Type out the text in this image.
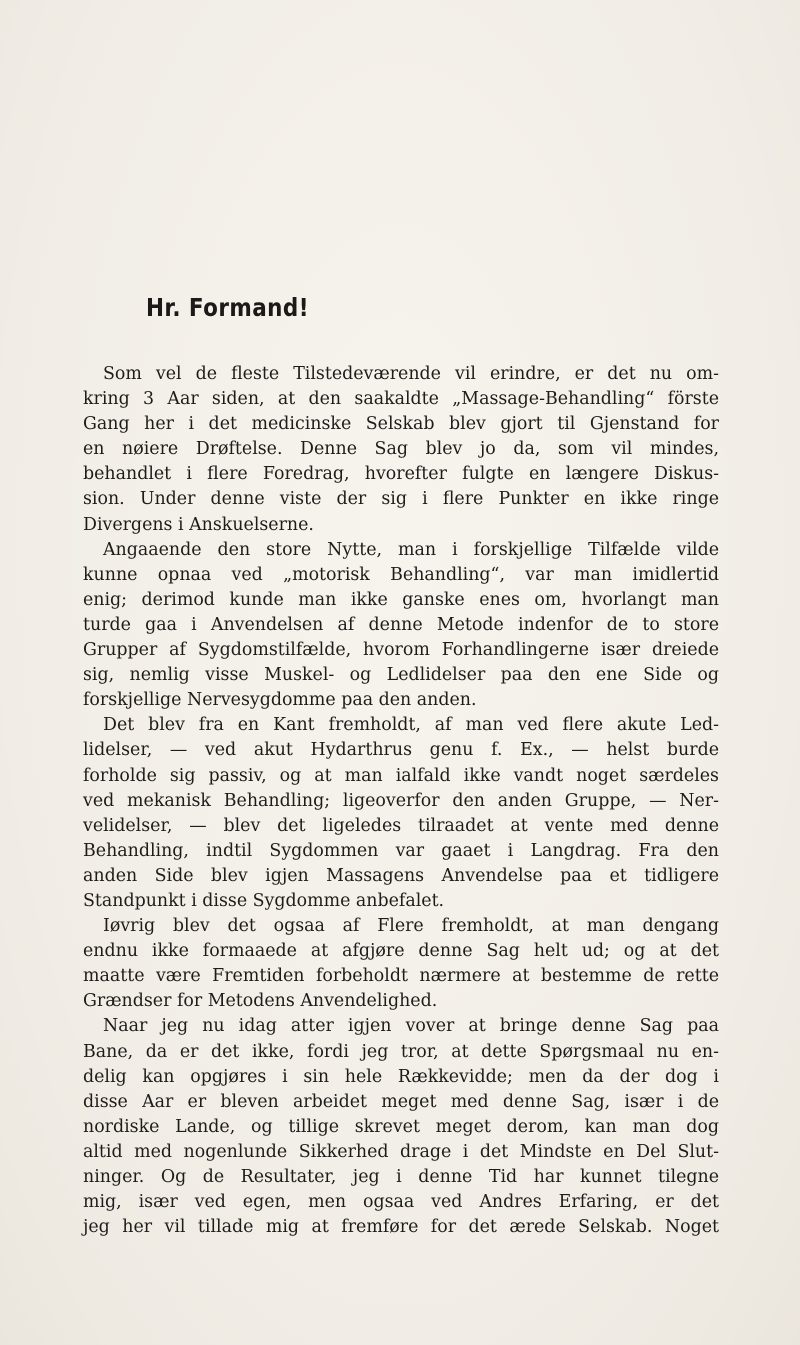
Hr. Formand!
Som vel de fleste Tilstedeværende vil erindre, er det nu om-
kring 3 Aar siden, at den saakaldte „Massage-Behandling“ förste
Gang her i det medicinske Selskab blev gjort til Gjenstand for
en nøiere Drøftelse. Denne Sag blev jo da, som vil mindes,
behandlet i flere Foredrag, hvorefter fulgte en længere Diskus-
sion. Under denne viste der sig i flere Punkter en ikke ringe
Divergens i Anskuelserne.
Angaaende den store Nytte, man i forskjellige Tilfælde vilde
kunne opnaa ved „motorisk Behandling“, var man imidlertid
enig; derimod kunde man ikke ganske enes om, hvorlangt man
turde gaa i Anvendelsen af denne Metode indenfor de to store
Grupper af Sygdomstilfælde, hvorom Forhandlingerne især dreiede
sig, nemlig visse Muskel- og Ledlidelser paa den ene Side og
forskjellige Nervesygdomme paa den anden.
Det blev fra en Kant fremholdt, af man ved flere akute Led-
lidelser, — ved akut Hydarthrus genu f. Ex., — helst burde
forholde sig passiv, og at man ialfald ikke vandt noget særdeles
ved mekanisk Behandling; ligeoverfor den anden Gruppe, — Ner-
velidelser, — blev det ligeledes tilraadet at vente med denne
Behandling, indtil Sygdommen var gaaet i Langdrag. Fra den
anden Side blev igjen Massagens Anvendelse paa et tidligere
Standpunkt i disse Sygdomme anbefalet.
Iøvrig blev det ogsaa af Flere fremholdt, at man dengang
endnu ikke formaaede at afgjøre denne Sag helt ud; og at det
maatte være Fremtiden forbeholdt nærmere at bestemme de rette
Grændser for Metodens Anvendelighed.
Naar jeg nu idag atter igjen vover at bringe denne Sag paa
Bane, da er det ikke, fordi jeg tror, at dette Spørgsmaal nu en-
delig kan opgjøres i sin hele Rækkevidde; men da der dog i
disse Aar er bleven arbeidet meget med denne Sag, især i de
nordiske Lande, og tillige skrevet meget derom, kan man dog
altid med nogenlunde Sikkerhed drage i det Mindste en Del Slut-
ninger. Og de Resultater, jeg i denne Tid har kunnet tilegne
mig, især ved egen, men ogsaa ved Andres Erfaring, er det
jeg her vil tillade mig at fremføre for det ærede Selskab. Noget
